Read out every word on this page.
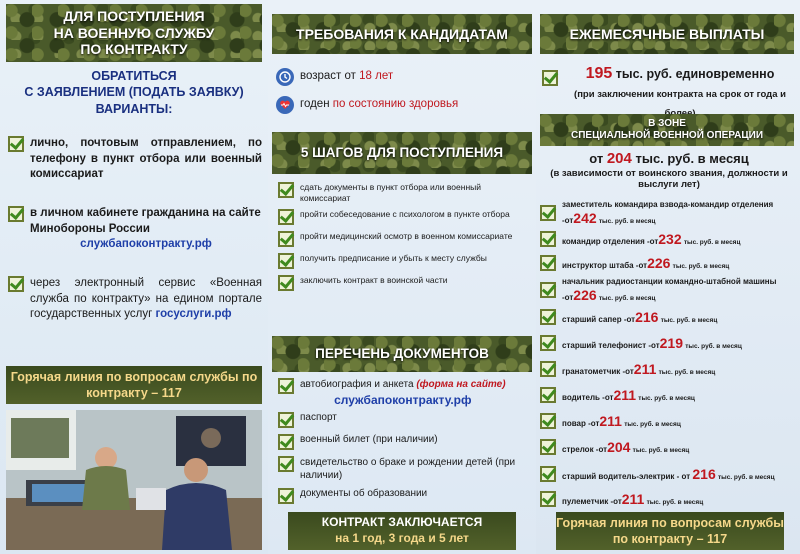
ДЛЯ ПОСТУПЛЕНИЯ
НА ВОЕННУЮ СЛУЖБУ
ПО КОНТРАКТУ
ОБРАТИТЬСЯ
С ЗАЯВЛЕНИЕМ (ПОДАТЬ ЗАЯВКУ)
ВАРИАНТЫ:
лично, почтовым отправлением, по телефону в пункт отбора или военный комиссариат
в личном кабинете гражданина на сайте Минобороны России

службапоконтракту.рф
через электронный сервис «Военная служба по контракту» на едином портале государственных услуг госуслуги.рф
Горячая линия по вопросам службы по контракту – 117
ТРЕБОВАНИЯ К КАНДИДАТАМ
возраст от 18 лет
годен по состоянию здоровья
5 ШАГОВ ДЛЯ ПОСТУПЛЕНИЯ
сдать документы в пункт отбора или военный комиссариат
пройти собеседование с психологом в пункте отбора
пройти медицинский осмотр в военном комиссариате
получить предписание и убыть к месту службы
заключить контракт в воинской части
ПЕРЕЧЕНЬ ДОКУМЕНТОВ
автобиография и анкета (форма на сайте)

службапоконтракту.рф
паспорт
военный билет (при наличии)
свидетельство о браке и рождении детей (при наличии)
документы об образовании
КОНТРАКТ ЗАКЛЮЧАЕТСЯ
на 1 год, 3 года и 5 лет
ЕЖЕМЕСЯЧНЫЕ ВЫПЛАТЫ
195 тыс. руб. единовременно
(при заключении контракта на срок от года и
В ЗОНЕ
СПЕЦИАЛЬНОЙ ВОЕННОЙ ОПЕРАЦИИ
от 204 тыс. руб. в месяц
(в зависимости от воинского звания, должности и выслуги лет)
заместитель командира взвода-командир отделения -от242 тыс. руб. в месяц
командир отделения -от232 тыс. руб. в месяц
инструктор штаба -от226 тыс. руб. в месяц
начальник радиостанции командно-штабной машины -от226 тыс. руб. в месяц
старший сапер -от216 тыс. руб. в месяц
старший телефонист -от219 тыс. руб. в месяц
гранатометчик -от211 тыс. руб. в месяц
водитель -от211 тыс. руб. в месяц
повар -от211 тыс. руб. в месяц
стрелок -от204 тыс. руб. в месяц
старший водитель-электрик - от 216 тыс. руб. в месяц
пулеметчик -от211 тыс. руб. в месяц
Горячая линия по вопросам службы по контракту – 117
